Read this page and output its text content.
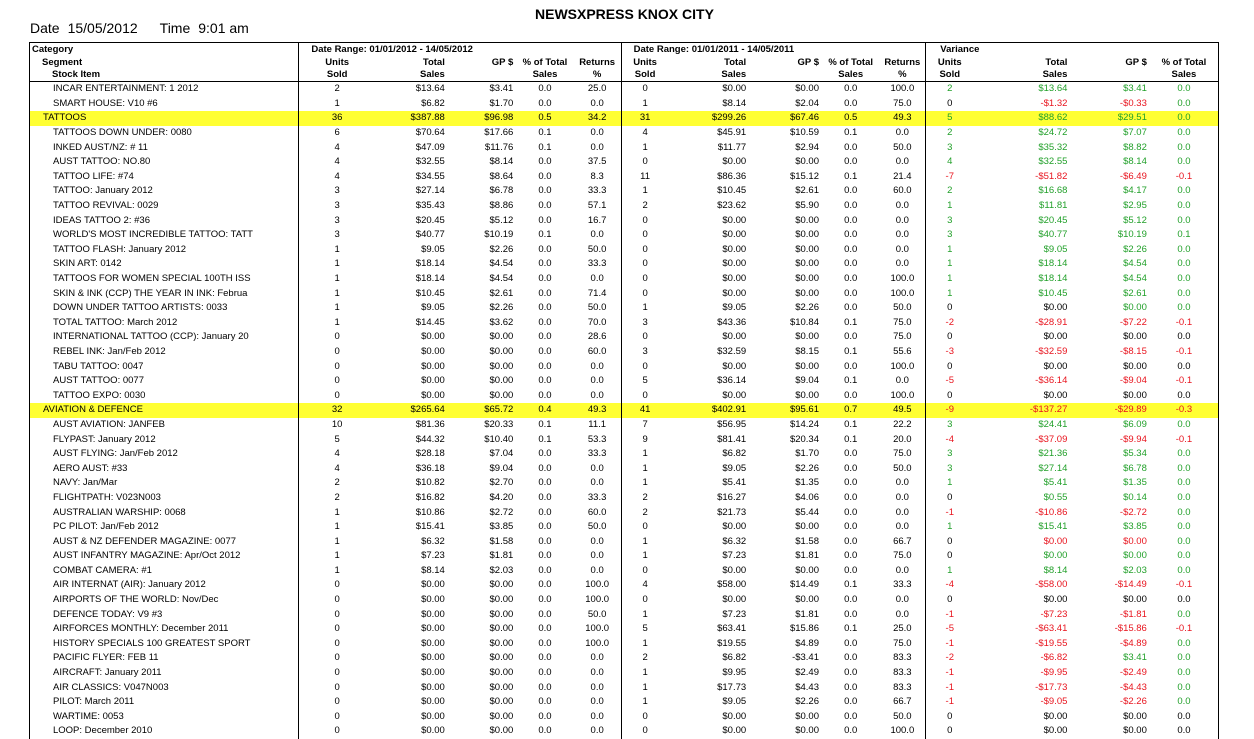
Date 15/05/2012 Time 9:01 am
NEWSXPRESS KNOX CITY
Category	Date Range: 01/01/2012 - 14/05/2012					Date Range: 01/01/2011 - 14/05/2011					Variance			
Segment	Units	Total	GP $	% of Total	Returns	Units	Total	GP $	% of Total	Returns	Units	Total	GP $	% of Total
Stock Item	Sold	Sales		Sales	%	Sold	Sales		Sales	%	Sold	Sales		Sales
INCAR ENTERTAINMENT: 1 2012	2	$13.64	$3.41	0.0	25.0	0	$0.00	$0.00	0.0	100.0	2	$13.64	$3.41	0.0
SMART HOUSE: V10 #6	1	$6.82	$1.70	0.0	0.0	1	$8.14	$2.04	0.0	75.0	0	-$1.32	-$0.33	0.0
TATTOOS	36	$387.88	$96.98	0.5	34.2	31	$299.26	$67.46	0.5	49.3	5	$88.62	$29.51	0.0
TATTOOS DOWN UNDER: 0080	6	$70.64	$17.66	0.1	0.0	4	$45.91	$10.59	0.1	0.0	2	$24.72	$7.07	0.0
INKED AUST/NZ: # 11	4	$47.09	$11.76	0.1	0.0	1	$11.77	$2.94	0.0	50.0	3	$35.32	$8.82	0.0
AUST TATTOO: NO.80	4	$32.55	$8.14	0.0	37.5	0	$0.00	$0.00	0.0	0.0	4	$32.55	$8.14	0.0
TATTOO LIFE: #74	4	$34.55	$8.64	0.0	8.3	11	$86.36	$15.12	0.1	21.4	-7	-$51.82	-$6.49	-0.1
TATTOO: January 2012	3	$27.14	$6.78	0.0	33.3	1	$10.45	$2.61	0.0	60.0	2	$16.68	$4.17	0.0
TATTOO REVIVAL: 0029	3	$35.43	$8.86	0.0	57.1	2	$23.62	$5.90	0.0	0.0	1	$11.81	$2.95	0.0
IDEAS TATTOO 2: #36	3	$20.45	$5.12	0.0	16.7	0	$0.00	$0.00	0.0	0.0	3	$20.45	$5.12	0.0
WORLD'S MOST INCREDIBLE TATTOO: TATT	3	$40.77	$10.19	0.1	0.0	0	$0.00	$0.00	0.0	0.0	3	$40.77	$10.19	0.1
TATTOO FLASH: January 2012	1	$9.05	$2.26	0.0	50.0	0	$0.00	$0.00	0.0	0.0	1	$9.05	$2.26	0.0
SKIN ART: 0142	1	$18.14	$4.54	0.0	33.3	0	$0.00	$0.00	0.0	0.0	1	$18.14	$4.54	0.0
TATTOOS FOR WOMEN SPECIAL 100TH ISS	1	$18.14	$4.54	0.0	0.0	0	$0.00	$0.00	0.0	100.0	1	$18.14	$4.54	0.0
SKIN & INK (CCP) THE YEAR IN INK: Februa	1	$10.45	$2.61	0.0	71.4	0	$0.00	$0.00	0.0	100.0	1	$10.45	$2.61	0.0
DOWN UNDER TATTOO ARTISTS: 0033	1	$9.05	$2.26	0.0	50.0	1	$9.05	$2.26	0.0	50.0	0	$0.00	$0.00	0.0
TOTAL TATTOO: March 2012	1	$14.45	$3.62	0.0	70.0	3	$43.36	$10.84	0.1	75.0	-2	-$28.91	-$7.22	-0.1
INTERNATIONAL TATTOO (CCP): January 20	0	$0.00	$0.00	0.0	28.6	0	$0.00	$0.00	0.0	75.0	0	$0.00	$0.00	0.0
REBEL INK: Jan/Feb 2012	0	$0.00	$0.00	0.0	60.0	3	$32.59	$8.15	0.1	55.6	-3	-$32.59	-$8.15	-0.1
TABU TATTOO: 0047	0	$0.00	$0.00	0.0	0.0	0	$0.00	$0.00	0.0	100.0	0	$0.00	$0.00	0.0
AUST TATTOO: 0077	0	$0.00	$0.00	0.0	0.0	5	$36.14	$9.04	0.1	0.0	-5	-$36.14	-$9.04	-0.1
TATTOO EXPO: 0030	0	$0.00	$0.00	0.0	0.0	0	$0.00	$0.00	0.0	100.0	0	$0.00	$0.00	0.0
AVIATION & DEFENCE	32	$265.64	$65.72	0.4	49.3	41	$402.91	$95.61	0.7	49.5	-9	-$137.27	-$29.89	-0.3
AUST AVIATION: JANFEB	10	$81.36	$20.33	0.1	11.1	7	$56.95	$14.24	0.1	22.2	3	$24.41	$6.09	0.0
FLYPAST: January 2012	5	$44.32	$10.40	0.1	53.3	9	$81.41	$20.34	0.1	20.0	-4	-$37.09	-$9.94	-0.1
AUST FLYING: Jan/Feb 2012	4	$28.18	$7.04	0.0	33.3	1	$6.82	$1.70	0.0	75.0	3	$21.36	$5.34	0.0
AERO AUST: #33	4	$36.18	$9.04	0.0	0.0	1	$9.05	$2.26	0.0	50.0	3	$27.14	$6.78	0.0
NAVY: Jan/Mar	2	$10.82	$2.70	0.0	0.0	1	$5.41	$1.35	0.0	0.0	1	$5.41	$1.35	0.0
FLIGHTPATH: V023N003	2	$16.82	$4.20	0.0	33.3	2	$16.27	$4.06	0.0	0.0	0	$0.55	$0.14	0.0
AUSTRALIAN WARSHIP: 0068	1	$10.86	$2.72	0.0	60.0	2	$21.73	$5.44	0.0	0.0	-1	-$10.86	-$2.72	0.0
PC PILOT: Jan/Feb 2012	1	$15.41	$3.85	0.0	50.0	0	$0.00	$0.00	0.0	0.0	1	$15.41	$3.85	0.0
AUST & NZ DEFENDER MAGAZINE: 0077	1	$6.32	$1.58	0.0	0.0	1	$6.32	$1.58	0.0	66.7	0	$0.00	$0.00	0.0
AUST INFANTRY MAGAZINE: Apr/Oct 2012	1	$7.23	$1.81	0.0	0.0	1	$7.23	$1.81	0.0	75.0	0	$0.00	$0.00	0.0
COMBAT CAMERA: #1	1	$8.14	$2.03	0.0	0.0	0	$0.00	$0.00	0.0	0.0	1	$8.14	$2.03	0.0
AIR INTERNAT (AIR): January 2012	0	$0.00	$0.00	0.0	100.0	4	$58.00	$14.49	0.1	33.3	-4	-$58.00	-$14.49	-0.1
AIRPORTS OF THE WORLD: Nov/Dec	0	$0.00	$0.00	0.0	100.0	0	$0.00	$0.00	0.0	0.0	0	$0.00	$0.00	0.0
DEFENCE TODAY: V9 #3	0	$0.00	$0.00	0.0	50.0	1	$7.23	$1.81	0.0	0.0	-1	-$7.23	-$1.81	0.0
AIRFORCES MONTHLY: December 2011	0	$0.00	$0.00	0.0	100.0	5	$63.41	$15.86	0.1	25.0	-5	-$63.41	-$15.86	-0.1
HISTORY SPECIALS 100 GREATEST SPORT	0	$0.00	$0.00	0.0	100.0	1	$19.55	$4.89	0.0	75.0	-1	-$19.55	-$4.89	0.0
PACIFIC FLYER: FEB 11	0	$0.00	$0.00	0.0	0.0	2	$6.82	-$3.41	0.0	83.3	-2	-$6.82	$3.41	0.0
AIRCRAFT: January 2011	0	$0.00	$0.00	0.0	0.0	1	$9.95	$2.49	0.0	83.3	-1	-$9.95	-$2.49	0.0
AIR CLASSICS: V047N003	0	$0.00	$0.00	0.0	0.0	1	$17.73	$4.43	0.0	83.3	-1	-$17.73	-$4.43	0.0
PILOT: March 2011	0	$0.00	$0.00	0.0	0.0	1	$9.05	$2.26	0.0	66.7	-1	-$9.05	-$2.26	0.0
WARTIME: 0053	0	$0.00	$0.00	0.0	0.0	0	$0.00	$0.00	0.0	50.0	0	$0.00	$0.00	0.0
LOOP: December 2010	0	$0.00	$0.00	0.0	0.0	0	$0.00	$0.00	0.0	100.0	0	$0.00	$0.00	0.0
